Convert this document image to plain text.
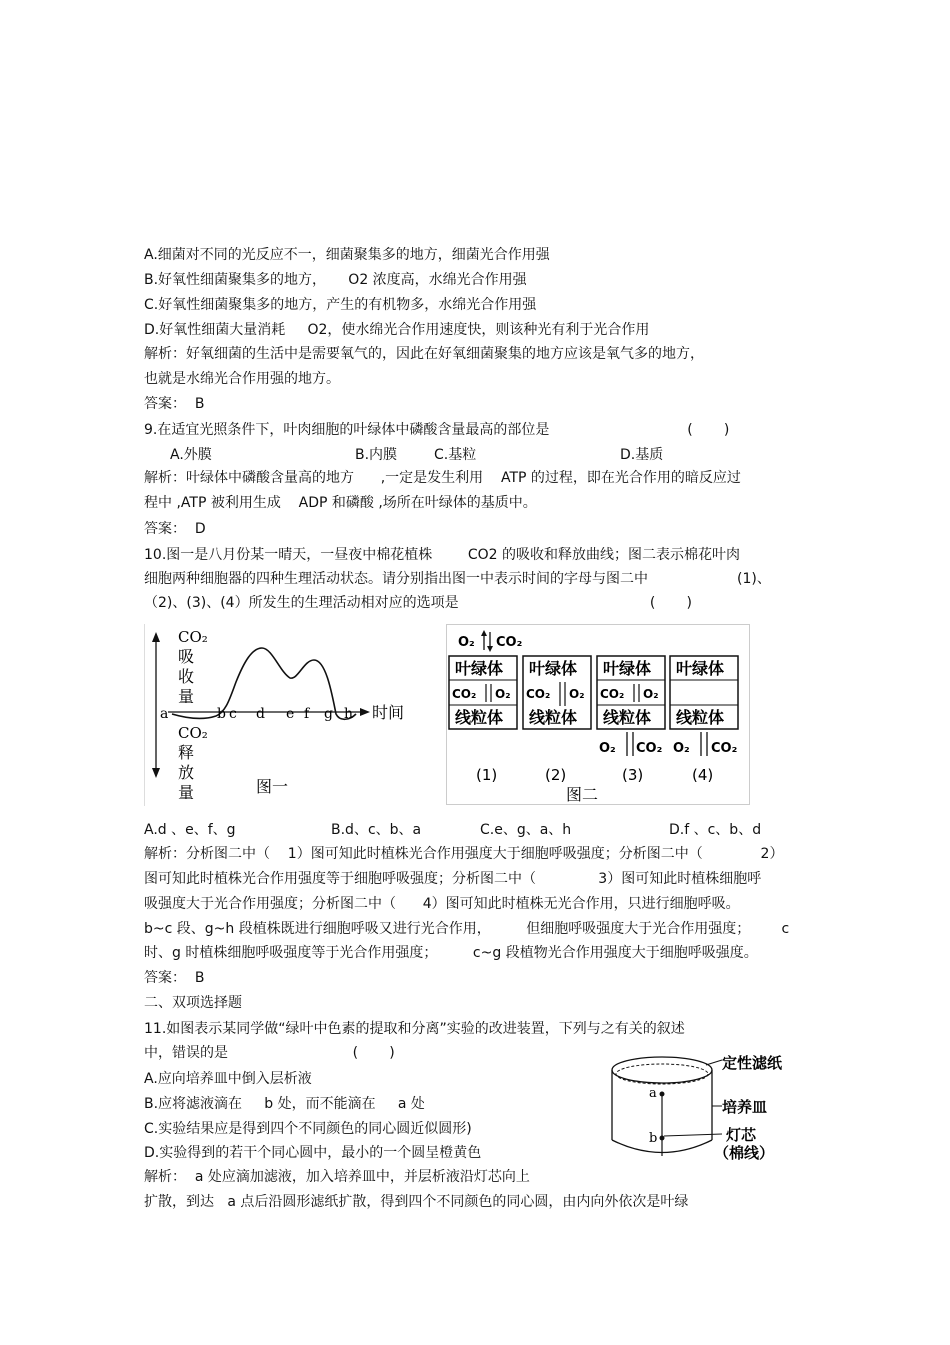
A.细菌对不同的光反应不一，细菌聚集多的地方，细菌光合作用强
B.好氧性细菌聚集多的地方，     O2 浓度高，水绵光合作用强
C.好氧性细菌聚集多的地方，产生的有机物多，水绵光合作用强
D.好氧性细菌大量消耗     O2，使水绵光合作用速度快，则该种光有利于光合作用
解析：好氧细菌的生活中是需要氧气的，因此在好氧细菌聚集的地方应该是氧气多的地方，
也就是水绵光合作用强的地方。
答案：  B
9.在适宜光照条件下，叶肉细胞的叶绿体中磷酸含量最高的部位是                               (       )
A.外膜	B.内膜	C.基粒	D.基质
解析：叶绿体中磷酸含量高的地方      ,一定是发生利用    ATP 的过程，即在光合作用的暗反应过
程中 ,ATP 被利用生成    ADP 和磷酸 ,场所在叶绿体的基质中。
答案：  D
10.图一是八月份某一晴天，一昼夜中棉花植株        CO2 的吸收和释放曲线；图二表示棉花叶肉
细胞两种细胞器的四种生理活动状态。请分别指出图一中表示时间的字母与图二中                    (1)、
（2)、(3)、(4）所发生的生理活动相对应的选项是                                           (       )
CO₂
吸
收
量
CO₂
释
放
量
a	b c d e f g h 时间
图一
O₂ CO₂
叶绿体
CO₂ O₂
线粒体
叶绿体
CO₂ O₂
线粒体
叶绿体
CO₂ O₂
线粒体
叶绿体
线粒体
O₂ CO₂ O₂ CO₂
(1)	(2)	(3)	(4)
图二
A.d 、e、f、g	B.d、c、b、a	C.e、g、a、h	D.f 、c、b、d
解析：分析图二中（    1）图可知此时植株光合作用强度大于细胞呼吸强度；分析图二中（             2）
图可知此时植株光合作用强度等于细胞呼吸强度；分析图二中（              3）图可知此时植株细胞呼
吸强度大于光合作用强度；分析图二中（      4）图可知此时植株无光合作用，只进行细胞呼吸。
b~c 段、g~h 段植株既进行细胞呼吸又进行光合作用，        但细胞呼吸强度大于光合作用强度；       c
时、g 时植株细胞呼吸强度等于光合作用强度；        c~g 段植物光合作用强度大于细胞呼吸强度。
答案：  B
二、双项选择题
11.如图表示某同学做“绿叶中色素的提取和分离”实验的改进装置，下列与之有关的叙述
中，错误的是                            (       )
A.应向培养皿中倒入层析液
B.应将滤液滴在     b 处，而不能滴在     a 处
C.实验结果应是得到四个不同颜色的同心圆近似圆形)
D.实验得到的若干个同心圆中，最小的一个圆呈橙黄色
解析：  a 处应滴加滤液，加入培养皿中，并层析液沿灯芯向上
扩散，到达   a 点后沿圆形滤纸扩散，得到四个不同颜色的同心圆，由内向外依次是叶绿
a
b
定性滤纸
培养皿
灯芯
（棉线）
